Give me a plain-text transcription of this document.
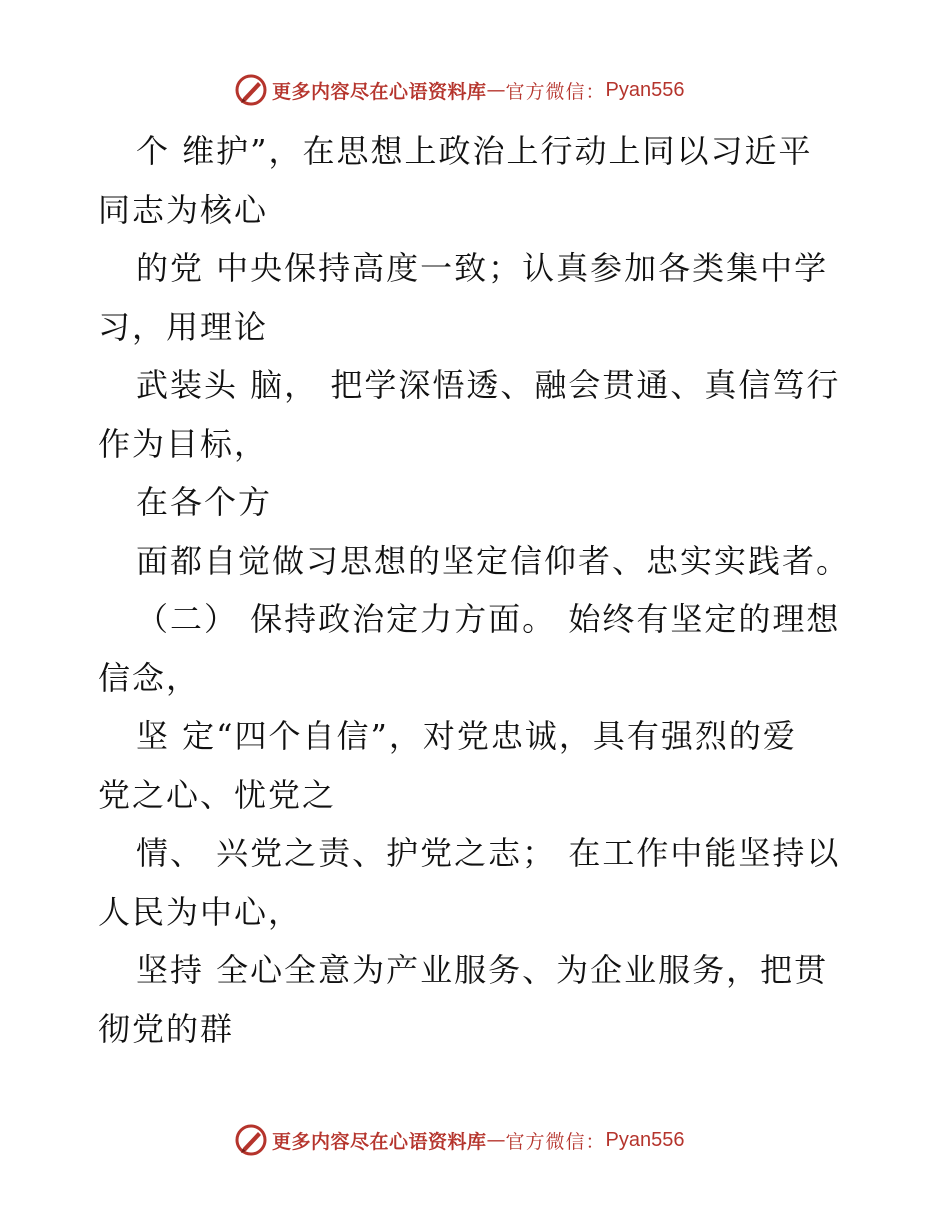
更多内容尽在心语资料库 — 官方微信： Pyan556
个 维护”，在思想上政治上行动上同以习近平
同志为核心
的党 中央保持高度一致；认真参加各类集中学
习，用理论
武装头 脑， 把学深悟透、融会贯通、真信笃行
作为目标，
在各个方
面都自觉做习思想的坚定信仰者、忠实实践者。
（二） 保持政治定力方面。 始终有坚定的理想
信念，
坚 定“四个自信”，对党忠诚，具有强烈的爱
党之心、忧党之
情、 兴党之责、护党之志； 在工作中能坚持以
人民为中心，
坚持 全心全意为产业服务、为企业服务，把贯
彻党的群
更多内容尽在心语资料库 — 官方微信： Pyan556
